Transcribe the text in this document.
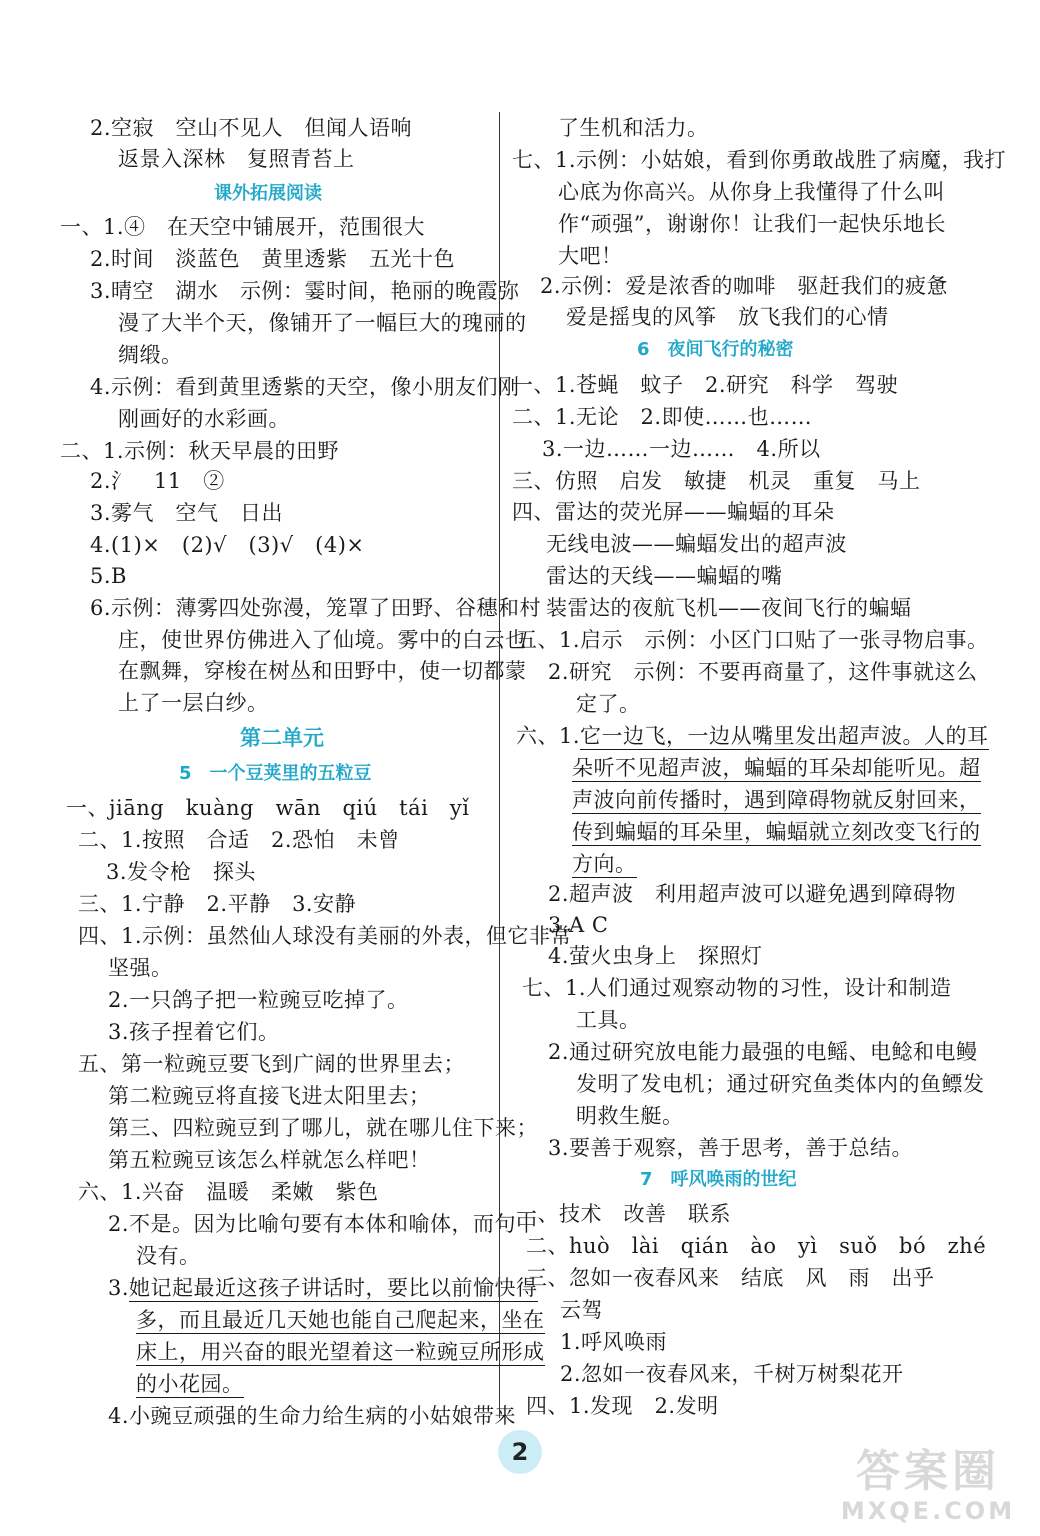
2.空寂　空山不见人　但闻人语响
返景入深林　复照青苔上
课外拓展阅读
一、1.④　在天空中铺展开，范围很大
2.时间　淡蓝色　黄里透紫　五光十色
3.晴空　湖水　示例：霎时间，艳丽的晚霞弥
漫了大半个天，像铺开了一幅巨大的瑰丽的
绸缎。
4.示例：看到黄里透紫的天空，像小朋友们刚
刚画好的水彩画。
二、1.示例：秋天早晨的田野
2.氵　11　②
3.雾气　空气　日出
4.(1)×　(2)√　(3)√　(4)×
5.B
6.示例：薄雾四处弥漫，笼罩了田野、谷穗和村
庄，使世界仿佛进入了仙境。雾中的白云也
在飘舞，穿梭在树丛和田野中，使一切都蒙
上了一层白纱。
第二单元
5　一个豆荚里的五粒豆
一、jiāng　kuàng　wān　qiú　tái　yǐ
二、1.按照　合适　2.恐怕　未曾
3.发令枪　探头
三、1.宁静　2.平静　3.安静
四、1.示例：虽然仙人球没有美丽的外表，但它非常
坚强。
2.一只鸽子把一粒豌豆吃掉了。
3.孩子捏着它们。
五、第一粒豌豆要飞到广阔的世界里去；
第二粒豌豆将直接飞进太阳里去；
第三、四粒豌豆到了哪儿，就在哪儿住下来；
第五粒豌豆该怎么样就怎么样吧！
六、1.兴奋　温暖　柔嫩　紫色
2.不是。因为比喻句要有本体和喻体，而句中
没有。
3.她记起最近这孩子讲话时，要比以前愉快得
多，而且最近几天她也能自己爬起来，坐在
床上，用兴奋的眼光望着这一粒豌豆所形成
的小花园。
4.小豌豆顽强的生命力给生病的小姑娘带来
了生机和活力。
七、1.示例：小姑娘，看到你勇敢战胜了病魔，我打
心底为你高兴。从你身上我懂得了什么叫
作“顽强”，谢谢你！让我们一起快乐地长
大吧！
2.示例：爱是浓香的咖啡　驱赶我们的疲惫
爱是摇曳的风筝　放飞我们的心情
6　夜间飞行的秘密
一、1.苍蝇　蚊子　2.研究　科学　驾驶
二、1.无论　2.即使……也……
3.一边……一边……　4.所以
三、仿照　启发　敏捷　机灵　重复　马上
四、雷达的荧光屏——蝙蝠的耳朵
无线电波——蝙蝠发出的超声波
雷达的天线——蝙蝠的嘴
装雷达的夜航飞机——夜间飞行的蝙蝠
五、1.启示　示例：小区门口贴了一张寻物启事。
2.研究　示例：不要再商量了，这件事就这么
定了。
六、1.它一边飞，一边从嘴里发出超声波。人的耳
朵听不见超声波，蝙蝠的耳朵却能听见。超
声波向前传播时，遇到障碍物就反射回来，
传到蝙蝠的耳朵里，蝙蝠就立刻改变飞行的
方向。
2.超声波　利用超声波可以避免遇到障碍物
3.A C
4.萤火虫身上　探照灯
七、1.人们通过观察动物的习性，设计和制造
工具。
2.通过研究放电能力最强的电鳐、电鲶和电鳗
发明了发电机；通过研究鱼类体内的鱼鳔发
明救生艇。
3.要善于观察，善于思考，善于总结。
7　呼风唤雨的世纪
一、技术　改善　联系
二、huò　lài　qián　ào　yì　suǒ　bó　zhé
三、忽如一夜春风来　结底　风　雨　出乎
云驾
1.呼风唤雨
2.忽如一夜春风来，千树万树梨花开
四、1.发现　2.发明
2	答案圈
MXQE.COM
